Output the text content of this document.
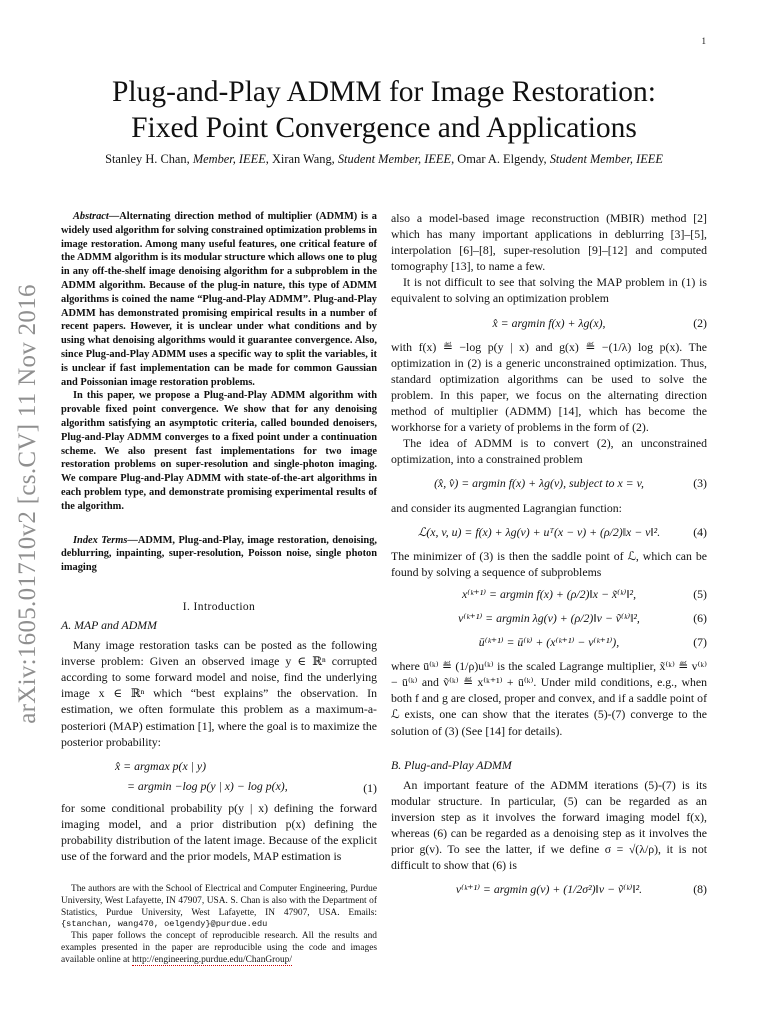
1
arXiv:1605.01710v2 [cs.CV] 11 Nov 2016
Plug-and-Play ADMM for Image Restoration:
Fixed Point Convergence and Applications
Stanley H. Chan, Member, IEEE, Xiran Wang, Student Member, IEEE, Omar A. Elgendy, Student Member, IEEE

Abstract—Alternating direction method of multiplier (ADMM) is a widely used algorithm for solving constrained optimization problems in image restoration. Among many useful features, one critical feature of the ADMM algorithm is its modular structure which allows one to plug in any off-the-shelf image denoising algorithm for a subproblem in the ADMM algorithm. Because of the plug-in nature, this type of ADMM algorithms is coined the name “Plug-and-Play ADMM”. Plug-and-Play ADMM has demonstrated promising empirical results in a number of recent papers. However, it is unclear under what conditions and by using what denoising algorithms would it guarantee convergence. Also, since Plug-and-Play ADMM uses a specific way to split the variables, it is unclear if fast implementation can be made for common Gaussian and Poissonian image restoration problems.

In this paper, we propose a Plug-and-Play ADMM algorithm with provable fixed point convergence. We show that for any denoising algorithm satisfying an asymptotic criteria, called bounded denoisers, Plug-and-Play ADMM converges to a fixed point under a continuation scheme. We also present fast implementations for two image restoration problems on super-resolution and single-photon imaging. We compare Plug-and-Play ADMM with state-of-the-art algorithms in each problem type, and demonstrate promising experimental results of the algorithm.

Index Terms—ADMM, Plug-and-Play, image restoration, denoising, deblurring, inpainting, super-resolution, Poisson noise, single photon imaging

I. Introduction

A. MAP and ADMM

Many image restoration tasks can be posted as the following inverse problem: Given an observed image y ∈ ℝⁿ corrupted according to some forward model and noise, find the underlying image x ∈ ℝⁿ which “best explains” the observation. In estimation, we often formulate this problem as a maximum-a-posteriori (MAP) estimation [1], where the goal is to maximize the posterior probability:

x̂ = argmax p(x | y)
= argmin −log p(y | x) − log p(x),	(1)

for some conditional probability p(y | x) defining the forward imaging model, and a prior distribution p(x) defining the probability distribution of the latent image. Because of the explicit use of the forward and the prior models, MAP estimation is

The authors are with the School of Electrical and Computer Engineering, Purdue University, West Lafayette, IN 47907, USA. S. Chan is also with the Department of Statistics, Purdue University, West Lafayette, IN 47907, USA. Emails: {stanchan, wang470, oelgendy}@purdue.edu

This paper follows the concept of reproducible research. All the results and examples presented in the paper are reproducible using the code and images available online at http://engineering.purdue.edu/ChanGroup/

also a model-based image reconstruction (MBIR) method [2] which has many important applications in deblurring [3]–[5], interpolation [6]–[8], super-resolution [9]–[12] and computed tomography [13], to name a few.

It is not difficult to see that solving the MAP problem in (1) is equivalent to solving an optimization problem

x̂ = argmin f(x) + λg(x),	(2)

with f(x) ≝ −log p(y | x) and g(x) ≝ −(1/λ) log p(x). The optimization in (2) is a generic unconstrained optimization. Thus, standard optimization algorithms can be used to solve the problem. In this paper, we focus on the alternating direction method of multiplier (ADMM) [14], which has become the workhorse for a variety of problems in the form of (2).

The idea of ADMM is to convert (2), an unconstrained optimization, into a constrained problem

(x̂, v̂) = argmin f(x) + λg(v), subject to x = v,	(3)

and consider its augmented Lagrangian function:

ℒ(x, v, u) = f(x) + λg(v) + uᵀ(x − v) + (ρ/2)‖x − v‖².	(4)

The minimizer of (3) is then the saddle point of ℒ, which can be found by solving a sequence of subproblems

x⁽ᵏ⁺¹⁾ = argmin f(x) + (ρ/2)‖x − x̃⁽ᵏ⁾‖²,	(5)
v⁽ᵏ⁺¹⁾ = argmin λg(v) + (ρ/2)‖v − ṽ⁽ᵏ⁾‖²,	(6)
ū⁽ᵏ⁺¹⁾ = ū⁽ᵏ⁾ + (x⁽ᵏ⁺¹⁾ − v⁽ᵏ⁺¹⁾),	(7)

where ū⁽ᵏ⁾ ≝ (1/ρ)u⁽ᵏ⁾ is the scaled Lagrange multiplier, x̃⁽ᵏ⁾ ≝ v⁽ᵏ⁾ − ū⁽ᵏ⁾ and ṽ⁽ᵏ⁾ ≝ x⁽ᵏ⁺¹⁾ + ū⁽ᵏ⁾. Under mild conditions, e.g., when both f and g are closed, proper and convex, and if a saddle point of ℒ exists, one can show that the iterates (5)-(7) converge to the solution of (3) (See [14] for details).

B. Plug-and-Play ADMM

An important feature of the ADMM iterations (5)-(7) is its modular structure. In particular, (5) can be regarded as an inversion step as it involves the forward imaging model f(x), whereas (6) can be regarded as a denoising step as it involves the prior g(v). To see the latter, if we define σ = √(λ/ρ), it is not difficult to show that (6) is

v⁽ᵏ⁺¹⁾ = argmin g(v) + (1/2σ²)‖v − ṽ⁽ᵏ⁾‖².	(8)
